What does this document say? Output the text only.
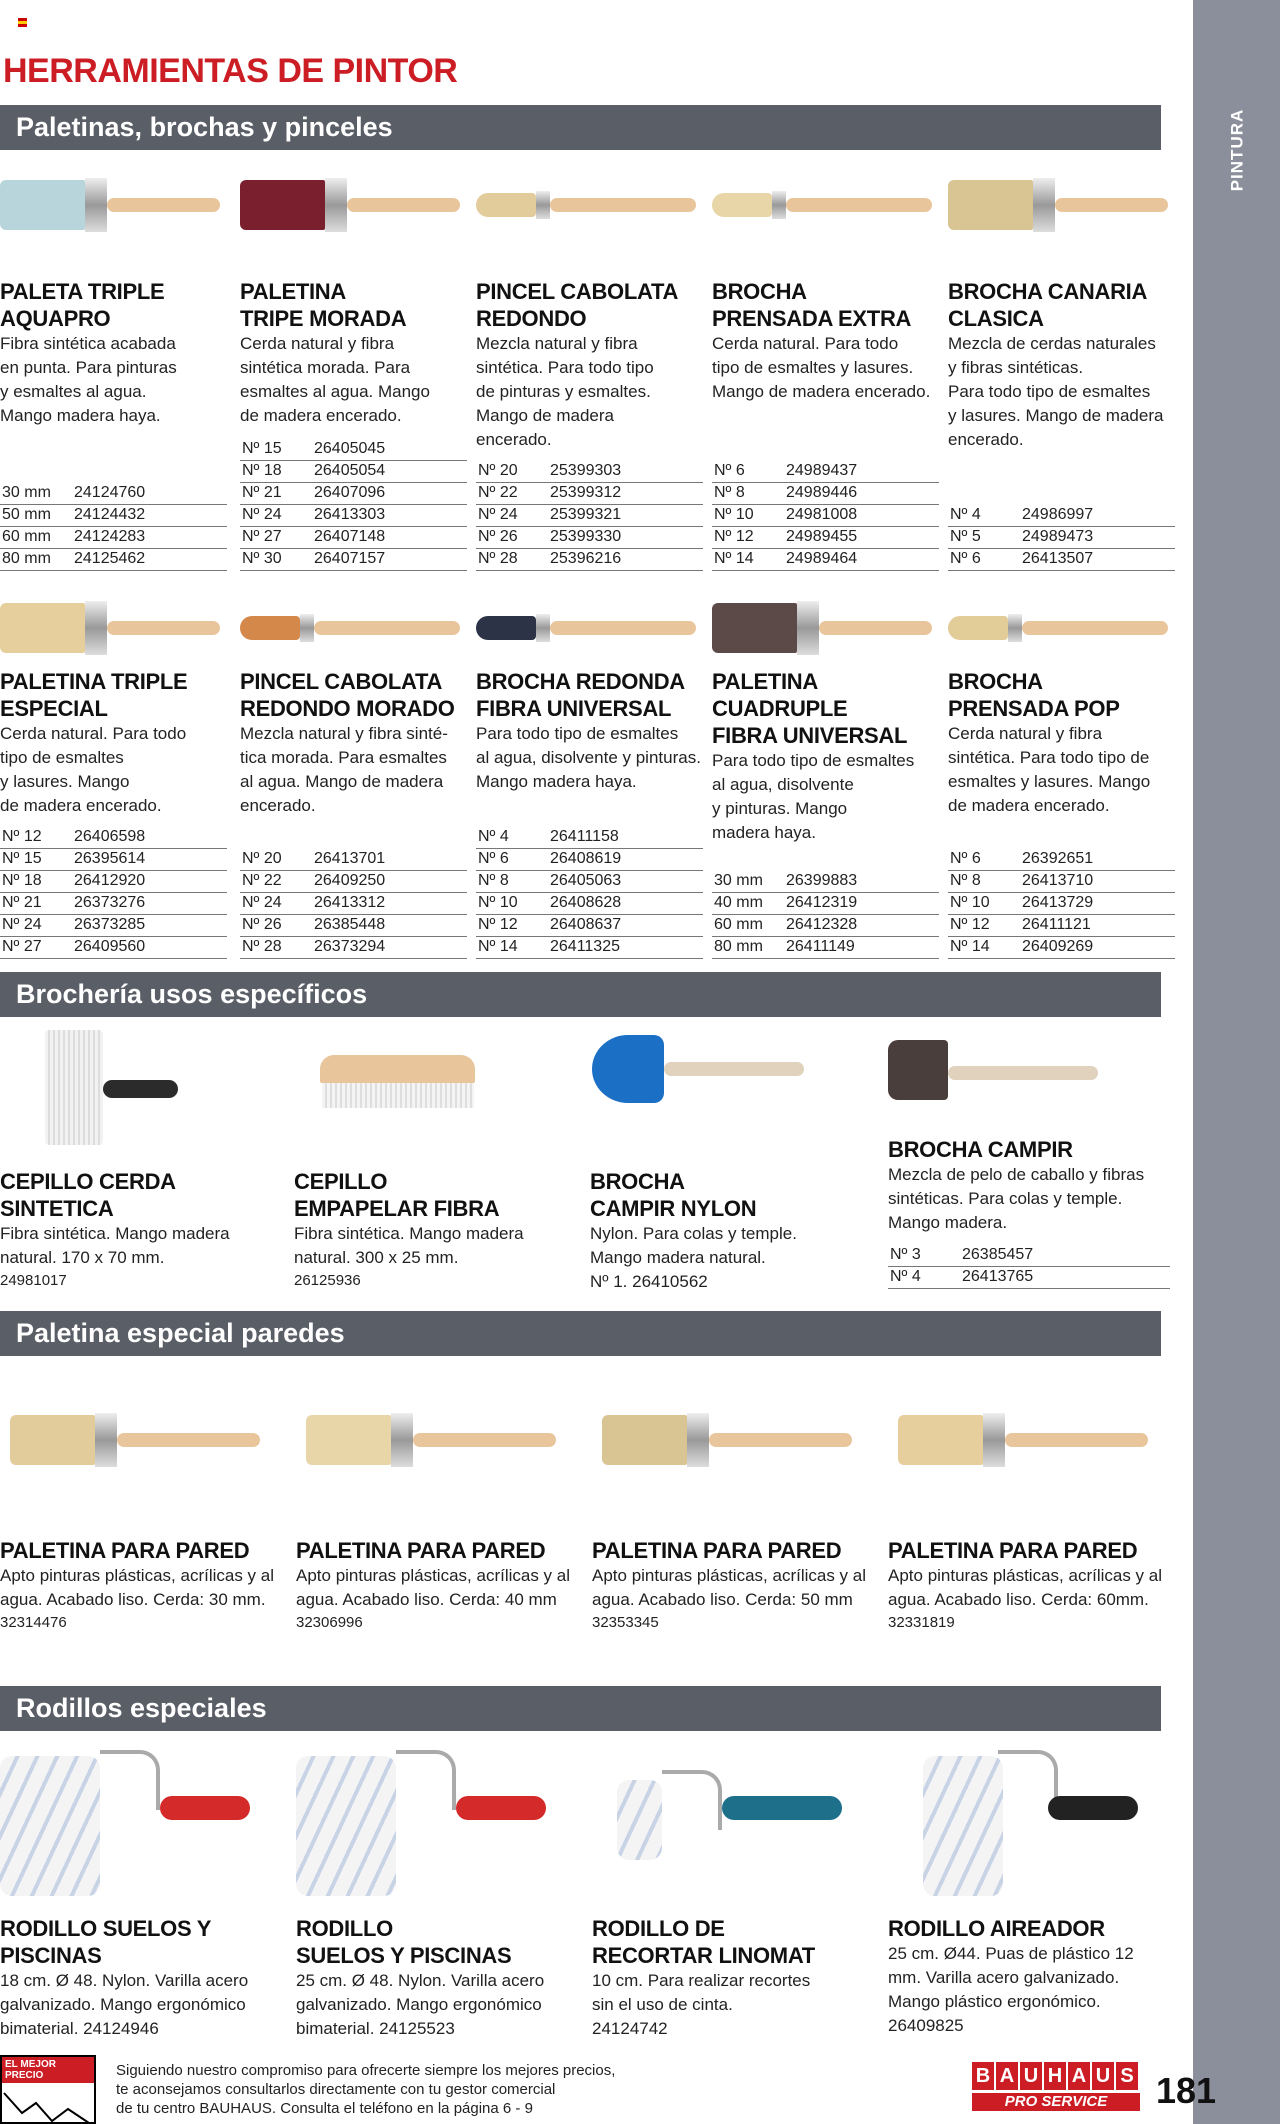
PINTURA
HERRAMIENTAS DE PINTOR
Paletinas, brochas y pinceles
Brochería usos específicos
Paletina especial paredes
Rodillos especiales
PALETA TRIPLE
AQUAPRO
Fibra sintética acabada
en punta. Para pinturas
y esmaltes al agua.
Mango madera haya.
30 mm	24124760
50 mm	24124432
60 mm	24124283
80 mm	24125462
PALETINA
TRIPE MORADA
Cerda natural y fibra
sintética morada. Para
esmaltes al agua. Mango
de madera encerado.
Nº 15	26405045
Nº 18	26405054
Nº 21	26407096
Nº 24	26413303
Nº 27	26407148
Nº 30	26407157
PINCEL CABOLATA
REDONDO
Mezcla natural y fibra
sintética. Para todo tipo
de pinturas y esmaltes.
Mango de madera
encerado.
Nº 20	25399303
Nº 22	25399312
Nº 24	25399321
Nº 26	25399330
Nº 28	25396216
BROCHA
PRENSADA EXTRA
Cerda natural. Para todo
tipo de esmaltes y lasures.
Mango de madera encerado.
Nº 6	24989437
Nº 8	24989446
Nº 10	24981008
Nº 12	24989455
Nº 14	24989464
BROCHA CANARIA
CLASICA
Mezcla de cerdas naturales
y fibras sintéticas.
Para todo tipo de esmaltes
y lasures. Mango de madera
encerado.
Nº 4	24986997
Nº 5	24989473
Nº 6	26413507
PALETINA TRIPLE
ESPECIAL
Cerda natural. Para todo
tipo de esmaltes
y lasures. Mango
de madera encerado.
Nº 12	26406598
Nº 15	26395614
Nº 18	26412920
Nº 21	26373276
Nº 24	26373285
Nº 27	26409560
PINCEL CABOLATA
REDONDO MORADO
Mezcla natural y fibra sinté-
tica morada. Para esmaltes
al agua. Mango de madera
encerado.
Nº 20	26413701
Nº 22	26409250
Nº 24	26413312
Nº 26	26385448
Nº 28	26373294
BROCHA REDONDA
FIBRA UNIVERSAL
Para todo tipo de esmaltes
al agua, disolvente y pinturas.
Mango madera haya.
Nº 4	26411158
Nº 6	26408619
Nº 8	26405063
Nº 10	26408628
Nº 12	26408637
Nº 14	26411325
PALETINA CUADRUPLE
FIBRA UNIVERSAL
Para todo tipo de esmaltes
al agua, disolvente
y pinturas. Mango
madera haya.
30 mm	26399883
40 mm	26412319
60 mm	26412328
80 mm	26411149
BROCHA
PRENSADA POP
Cerda natural y fibra
sintética. Para todo tipo de
esmaltes y lasures. Mango
de madera encerado.
Nº 6	26392651
Nº 8	26413710
Nº 10	26413729
Nº 12	26411121
Nº 14	26409269
CEPILLO CERDA
SINTETICA
Fibra sintética. Mango madera
natural. 170 x 70 mm.
24981017
CEPILLO
EMPAPELAR FIBRA
Fibra sintética. Mango madera
natural. 300 x 25 mm.
26125936
BROCHA
CAMPIR NYLON
Nylon. Para colas y temple.
Mango madera natural.
Nº 1. 26410562
BROCHA CAMPIR
Mezcla de pelo de caballo y fibras
sintéticas. Para colas y temple.
Mango madera.
Nº 3	26385457
Nº 4	26413765
PALETINA PARA PARED
Apto pinturas plásticas, acrílicas y al
agua. Acabado liso. Cerda: 30 mm.
32314476
PALETINA PARA PARED
Apto pinturas plásticas, acrílicas y al
agua. Acabado liso. Cerda: 40 mm
32306996
PALETINA PARA PARED
Apto pinturas plásticas, acrílicas y al
agua. Acabado liso. Cerda: 50 mm
32353345
PALETINA PARA PARED
Apto pinturas plásticas, acrílicas y al
agua. Acabado liso. Cerda: 60mm.
32331819
RODILLO SUELOS Y PISCINAS
18 cm. Ø 48. Nylon. Varilla acero
galvanizado. Mango ergonómico
bimaterial. 24124946
RODILLO
SUELOS Y PISCINAS
25 cm. Ø 48. Nylon. Varilla acero
galvanizado. Mango ergonómico
bimaterial. 24125523
RODILLO DE
RECORTAR LINOMAT
10 cm. Para realizar recortes
sin el uso de cinta.
24124742
RODILLO AIREADOR
25 cm. Ø44. Puas de plástico 12
mm. Varilla acero galvanizado.
Mango plástico ergonómico.
26409825
EL MEJOR PRECIO	Siguiendo nuestro compromiso para ofrecerte siempre los mejores precios,
te aconsejamos consultarlos directamente con tu gestor comercial
de tu centro BAUHAUS. Consulta el teléfono en la página 6 - 9
B A U H A U S
PRO SERVICE	181
